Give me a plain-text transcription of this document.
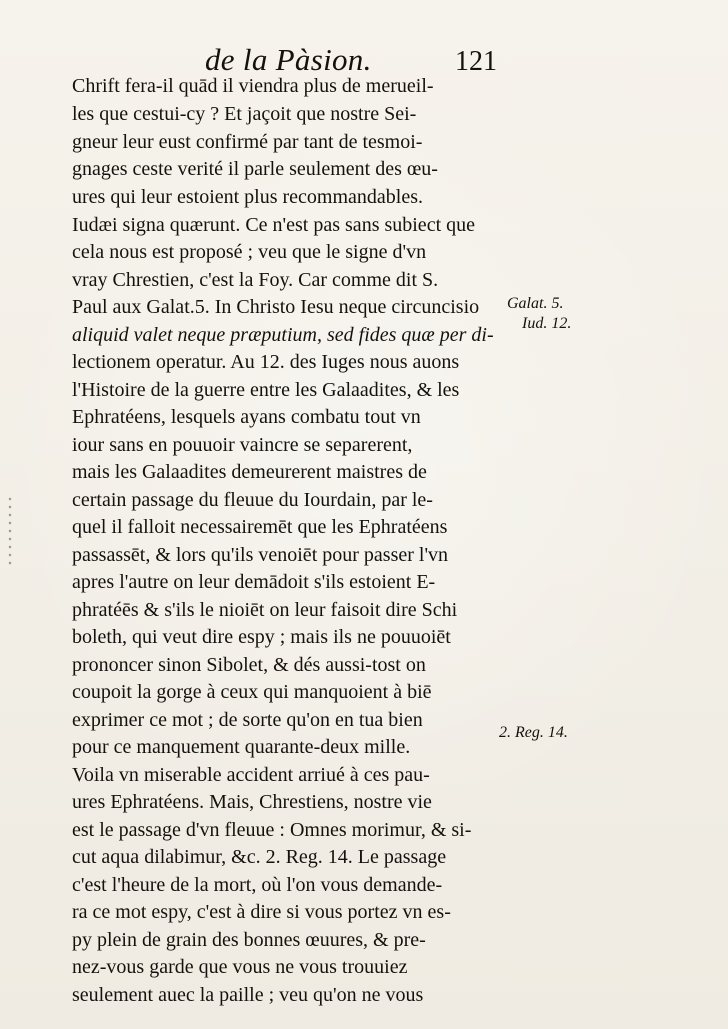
de la Pàsion.	121
Chrift fera-il quād il viendra plus de merueil-
les que cestui-cy ? Et jaçoit que nostre Sei-
gneur leur eust confirmé par tant de tesmoi-
gnages ceste verité il parle seulement des œu-
ures qui leur estoient plus recommandables.
Iudæi signa quærunt. Ce n'est pas sans subiect que
cela nous est proposé ; veu que le signe d'vn
vray Chrestien, c'est la Foy. Car comme dit S.
Paul aux Galat.5. In Christo Iesu neque circuncisio
aliquid valet neque præputium, sed fides quæ per di-
lectionem operatur. Au 12. des Iuges nous auons
l'Histoire de la guerre entre les Galaadites, & les
Ephratéens, lesquels ayans combatu tout vn
iour sans en pouuoir vaincre se separerent,
mais les Galaadites demeurerent maistres de
certain passage du fleuue du Iourdain, par le-
quel il falloit necessairemēt que les Ephratéens
passassēt, & lors qu'ils venoiēt pour passer l'vn
apres l'autre on leur demādoit s'ils estoient E-
phratéēs & s'ils le nioiēt on leur faisoit dire Schi
boleth, qui veut dire espy ; mais ils ne pouuoiēt
prononcer sinon Sibolet, & dés aussi-tost on
coupoit la gorge à ceux qui manquoient à biē
exprimer ce mot ; de sorte qu'on en tua bien
pour ce manquement quarante-deux mille.
Voila vn miserable accident arriué à ces pau-
ures Ephratéens. Mais, Chrestiens, nostre vie
est le passage d'vn fleuue : Omnes morimur, & si-
cut aqua dilabimur, &c. 2. Reg. 14. Le passage
c'est l'heure de la mort, où l'on vous demande-
ra ce mot espy, c'est à dire si vous portez vn es-
py plein de grain des bonnes œuures, & pre-
nez-vous garde que vous ne vous trouuiez
seulement auec la paille ; veu qu'on ne vous
Galat. 5.
Iud. 12.
2. Reg. 14.
